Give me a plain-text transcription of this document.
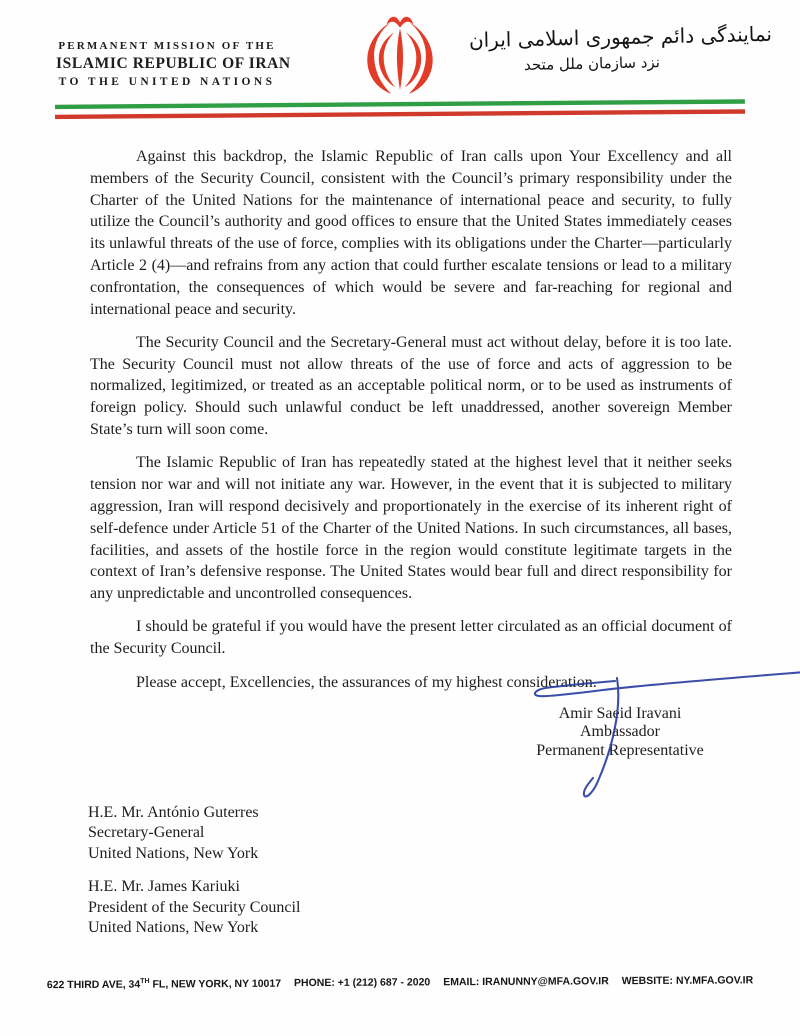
PERMANENT MISSION OF THE
ISLAMIC REPUBLIC OF IRAN
TO THE UNITED NATIONS
نمایندگی دائم جمهوری اسلامی ایران
نزد سازمان ملل متحد

Against this backdrop, the Islamic Republic of Iran calls upon Your Excellency and all members of the Security Council, consistent with the Council’s primary responsibility under the Charter of the United Nations for the maintenance of international peace and security, to fully utilize the Council’s authority and good offices to ensure that the United States immediately ceases its unlawful threats of the use of force, complies with its obligations under the Charter—particularly Article 2 (4)—and refrains from any action that could further escalate tensions or lead to a military confrontation, the consequences of which would be severe and far-reaching for regional and international peace and security.

The Security Council and the Secretary-General must act without delay, before it is too late. The Security Council must not allow threats of the use of force and acts of aggression to be normalized, legitimized, or treated as an acceptable political norm, or to be used as instruments of foreign policy. Should such unlawful conduct be left unaddressed, another sovereign Member State’s turn will soon come.

The Islamic Republic of Iran has repeatedly stated at the highest level that it neither seeks tension nor war and will not initiate any war. However, in the event that it is subjected to military aggression, Iran will respond decisively and proportionately in the exercise of its inherent right of self-defence under Article 51 of the Charter of the United Nations. In such circumstances, all bases, facilities, and assets of the hostile force in the region would constitute legitimate targets in the context of Iran’s defensive response. The United States would bear full and direct responsibility for any unpredictable and uncontrolled consequences.

I should be grateful if you would have the present letter circulated as an official document of the Security Council.

Please accept, Excellencies, the assurances of my highest consideration.

Amir Saeid Iravani
Ambassador
Permanent Representative
H.E. Mr. António Guterres
Secretary-General
United Nations, New York
H.E. Mr. James Kariuki
President of the Security Council
United Nations, New York
622 THIRD AVE, 34TH FL, NEW YORK, NY 10017 PHONE: +1 (212) 687 - 2020 EMAIL: IRANUNNY@MFA.GOV.IR WEBSITE: NY.MFA.GOV.IR
